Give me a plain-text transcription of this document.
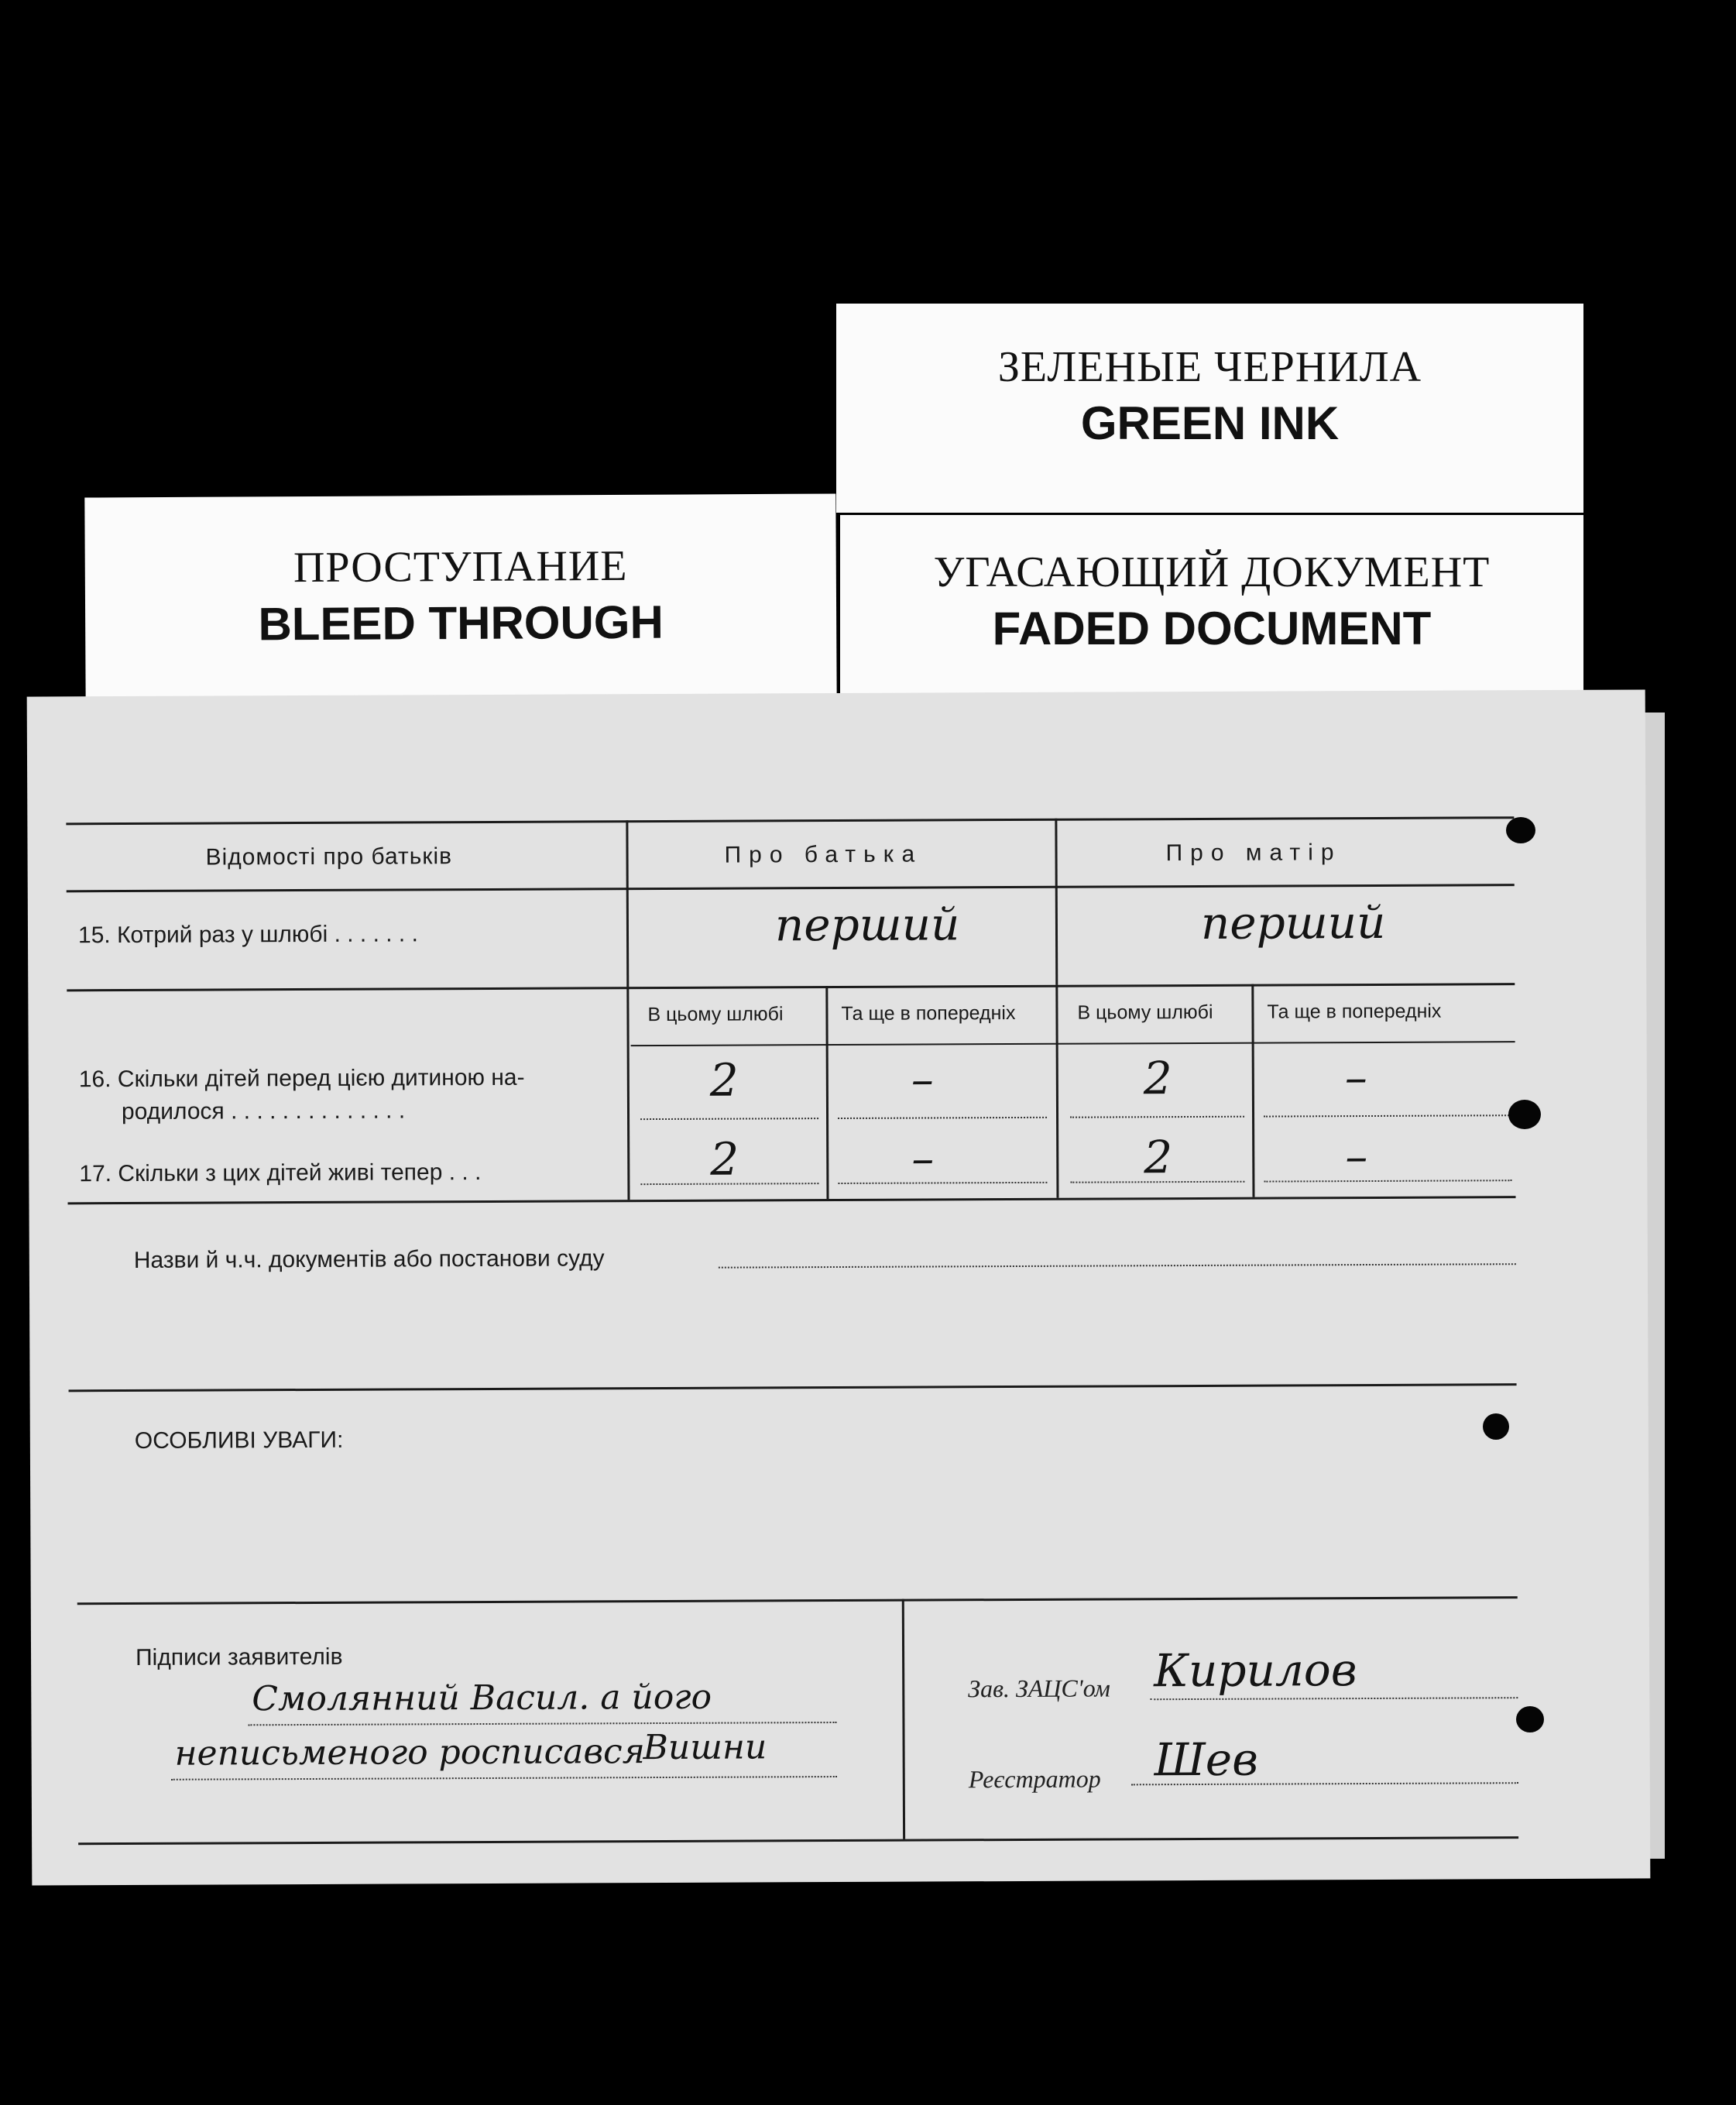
ЗЕЛЕНЫЕ ЧЕРНИЛА
GREEN INK
ПРОСТУПАНИЕ
BLEED THROUGH
УГАСАЮЩИЙ ДОКУМЕНТ
FADED DOCUMENT
Відомості про батьків	Про батька	Про матір
15. Котрий раз у шлюбі . . . . . . .	перший	перший
В цьому шлюбі	Та ще в попередніх	В цьому шлюбі	Та ще в попередніх
16. Скільки дітей перед цією дитиною на-
родилося . . . . . . . . . . . . . .
2	–	2	–
17. Скільки з цих дітей живі тепер . . .	2	–	2	–
Назви й ч.ч. документів або постанови суду
ОСОБЛИВІ УВАГИ:
Підписи заявителів
Смолянний Васил. а його
неписьменого росписався
Вишни
Зав. ЗАЦС'ом Кирилов
Реєстратор Шев
